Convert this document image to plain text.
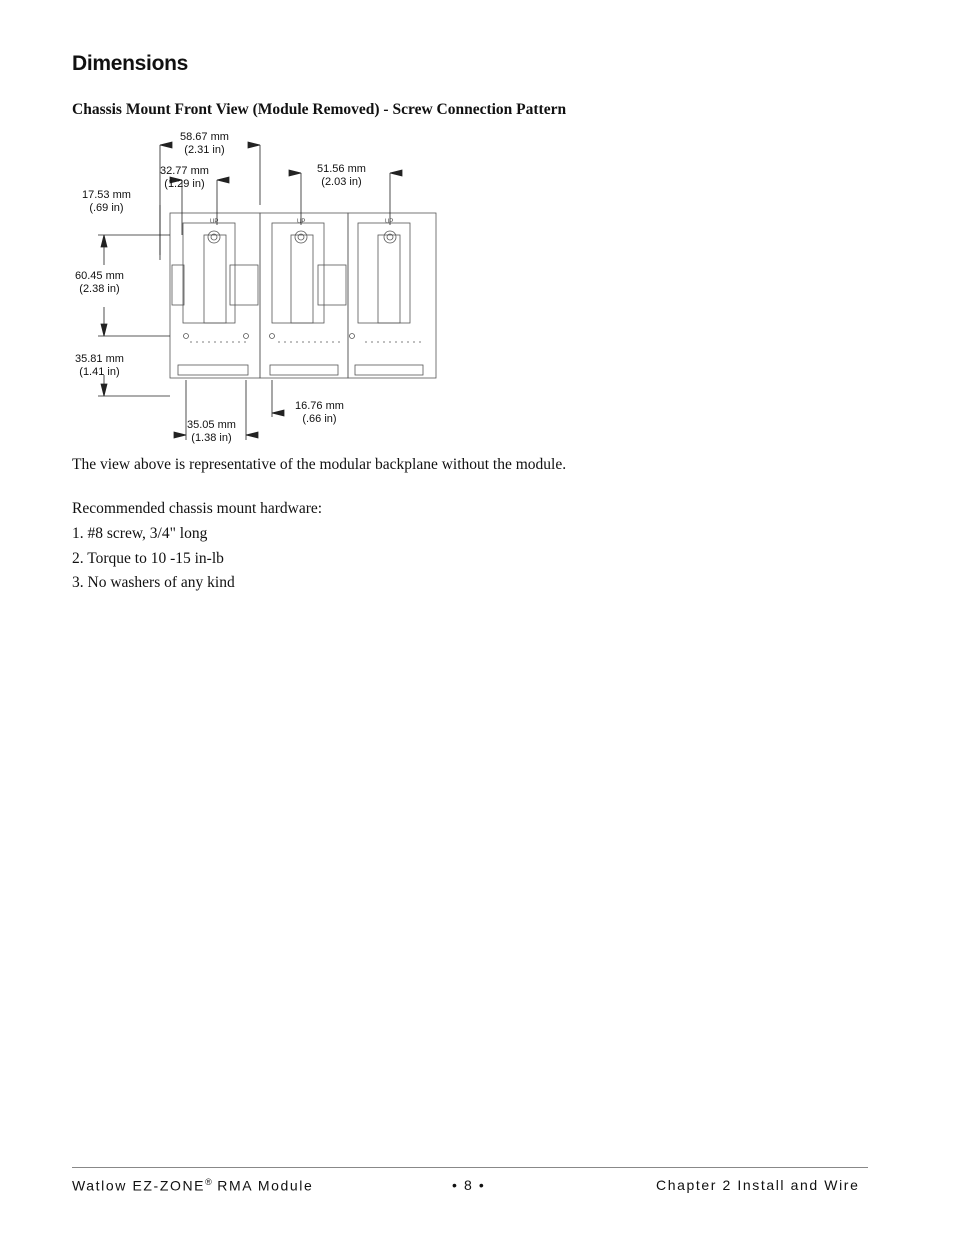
Dimensions
Chassis Mount Front View (Module Removed) - Screw Connection Pattern
UP	UP	UP
58.67 mm
(2.31 in)
32.77 mm
(1.29 in)
17.53 mm
(.69 in)
51.56 mm
(2.03 in)
60.45 mm
(2.38 in)
35.81 mm
(1.41 in)
16.76 mm
(.66 in)
35.05 mm
(1.38 in)
The view above is representative of the modular backplane without the module.
Recommended chassis mount hardware:
1. #8 screw, 3/4" long
2. Torque to 10 -15 in-lb
3. No washers of any kind
Watlow EZ-ZONE® RMA Module	• 8 •	Chapter 2 Install and Wire
